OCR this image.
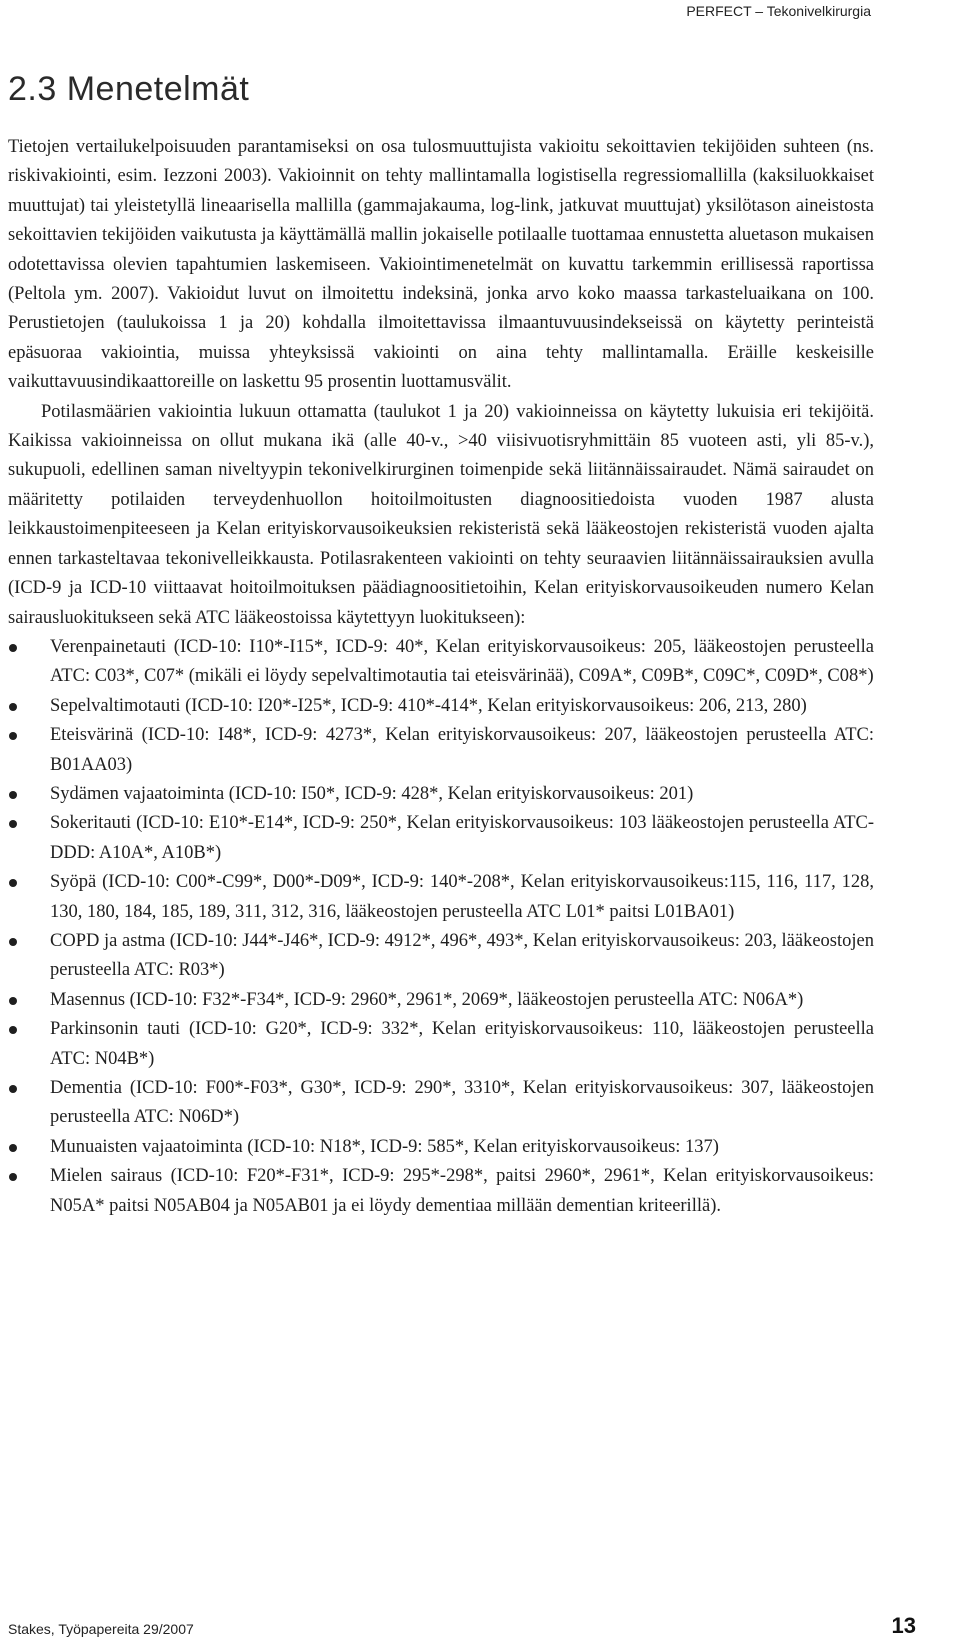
PERFECT – Tekonivelkirurgia
2.3 Menetelmät

Tietojen vertailukelpoisuuden parantamiseksi on osa tulosmuuttujista vakioitu sekoittavien tekijöiden suhteen (ns. riskivakiointi, esim. Iezzoni 2003). Vakioinnit on tehty mallintamalla logistisella regressiomallilla (kaksiluokkaiset muuttujat) tai yleistetyllä lineaarisella mallilla (gammajakauma, log-link, jatkuvat muuttujat) yksilötason aineistosta sekoittavien tekijöiden vaikutusta ja käyttämällä mallin jokaiselle potilaalle tuottamaa ennustetta aluetason mukaisen odotettavissa olevien tapahtumien laskemiseen. Vakiointimenetelmät on kuvattu tarkemmin erillisessä raportissa (Peltola ym. 2007). Vakioidut luvut on ilmoitettu indeksinä, jonka arvo koko maassa tarkasteluaikana on 100. Perustietojen (taulukoissa 1 ja 20) kohdalla ilmoitettavissa ilmaantuvuusindekseissä on käytetty perinteistä epäsuoraa vakiointia, muissa yhteyksissä vakiointi on aina tehty mallintamalla. Eräille keskeisille vaikuttavuusindikaattoreille on laskettu 95 prosentin luottamusvälit.

Potilasmäärien vakiointia lukuun ottamatta (taulukot 1 ja 20) vakioinneissa on käytetty lukuisia eri tekijöitä. Kaikissa vakioinneissa on ollut mukana ikä (alle 40-v., >40 viisivuotisryhmittäin 85 vuoteen asti, yli 85-v.), sukupuoli, edellinen saman niveltyypin tekonivelkirurginen toimenpide sekä liitännäissairaudet. Nämä sairaudet on määritetty potilaiden terveydenhuollon hoitoilmoitusten diagnoositiedoista vuoden 1987 alusta leikkaustoimenpiteeseen ja Kelan erityiskorvausoikeuksien rekisteristä sekä lääkeostojen rekisteristä vuoden ajalta ennen tarkasteltavaa tekonivelleikkausta. Potilasrakenteen vakiointi on tehty seuraavien liitännäissairauksien avulla (ICD-9 ja ICD-10 viittaavat hoitoilmoituksen päädiagnoositietoihin, Kelan erityiskorvausoikeuden numero Kelan sairausluokitukseen sekä ATC lääkeostoissa käytettyyn luokitukseen):

Verenpainetauti (ICD-10: I10*-I15*, ICD-9: 40*, Kelan erityiskorvausoikeus: 205, lääkeostojen perusteella ATC: C03*, C07* (mikäli ei löydy sepelvaltimotautia tai eteisvärinää), C09A*, C09B*, C09C*, C09D*, C08*)
Sepelvaltimotauti (ICD-10: I20*-I25*, ICD-9: 410*-414*, Kelan erityiskorvausoikeus: 206, 213, 280)
Eteisvärinä (ICD-10: I48*, ICD-9: 4273*, Kelan erityiskorvausoikeus: 207, lääkeostojen perusteella ATC: B01AA03)
Sydämen vajaatoiminta (ICD-10: I50*, ICD-9: 428*, Kelan erityiskorvausoikeus: 201)
Sokeritauti (ICD-10: E10*-E14*, ICD-9: 250*, Kelan erityiskorvausoikeus: 103 lääkeostojen perusteella ATC-DDD: A10A*, A10B*)
Syöpä (ICD-10: C00*-C99*, D00*-D09*, ICD-9: 140*-208*, Kelan erityiskorvausoikeus:115, 116, 117, 128, 130, 180, 184, 185, 189, 311, 312, 316, lääkeostojen perusteella ATC L01* paitsi L01BA01)
COPD ja astma (ICD-10: J44*-J46*, ICD-9: 4912*, 496*, 493*, Kelan erityiskorvausoikeus: 203, lääkeostojen perusteella ATC: R03*)
Masennus (ICD-10: F32*-F34*, ICD-9: 2960*, 2961*, 2069*, lääkeostojen perusteella ATC: N06A*)
Parkinsonin tauti (ICD-10: G20*, ICD-9: 332*, Kelan erityiskorvausoikeus: 110, lääkeostojen perusteella ATC: N04B*)
Dementia (ICD-10: F00*-F03*, G30*, ICD-9: 290*, 3310*, Kelan erityiskorvausoikeus: 307, lääkeostojen perusteella ATC: N06D*)
Munuaisten vajaatoiminta (ICD-10: N18*, ICD-9: 585*, Kelan erityiskorvausoikeus: 137)
Mielen sairaus (ICD-10: F20*-F31*, ICD-9: 295*-298*, paitsi 2960*, 2961*, Kelan erityiskorvausoikeus: N05A* paitsi N05AB04 ja N05AB01 ja ei löydy dementiaa millään dementian kriteerillä).
Stakes, Työpapereita 29/2007	13
